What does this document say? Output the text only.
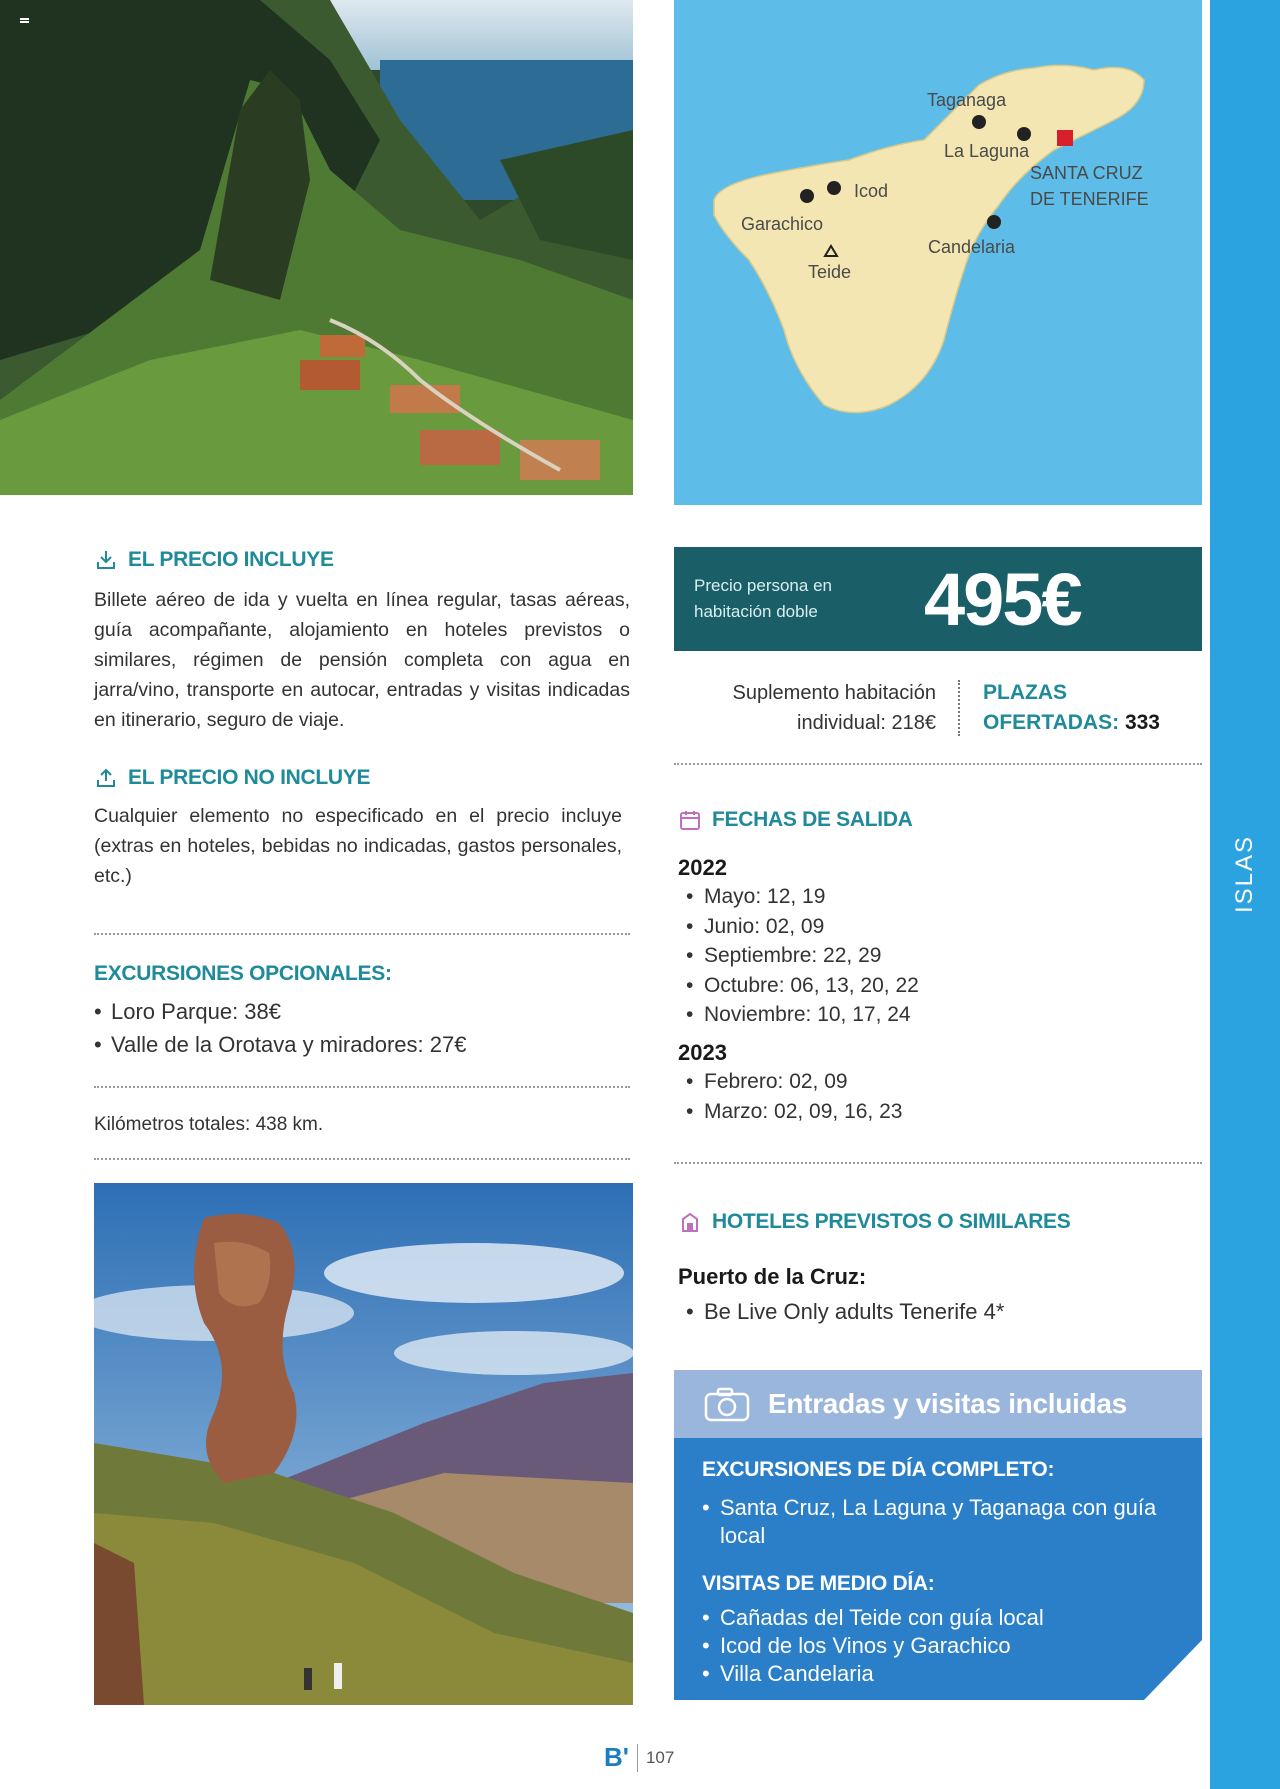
Taganaga
La Laguna
SANTA CRUZ
DE TENERIFE
Icod
Garachico
Candelaria
Teide
ISLAS
EL PRECIO INCLUYE

Billete aéreo de ida y vuelta en línea regular, tasas aéreas, guía acompañante, alojamiento en hoteles previstos o similares, régimen de pensión completa con agua en jarra/vino, transporte en autocar, entradas y visitas indicadas en itinerario, seguro de viaje.

EL PRECIO NO INCLUYE

Cualquier elemento no especificado en el precio incluye (extras en hoteles, bebidas no indicadas, gastos personales, etc.)

EXCURSIONES OPCIONALES:
• Loro Parque: 38€
• Valle de la Orotava y miradores: 27€

Kilómetros totales: 438 km.

Precio persona en habitación doble	495€
Suplemento habitación
individual: 218€
PLAZAS
OFERTADAS: 333
FECHAS DE SALIDA
2022
• Mayo: 12, 19
• Junio: 02, 09
• Septiembre: 22, 29
• Octubre: 06, 13, 20, 22
• Noviembre: 10, 17, 24
2023
• Febrero: 02, 09
• Marzo: 02, 09, 16, 23
HOTELES PREVISTOS O SIMILARES
Puerto de la Cruz:
• Be Live Only adults Tenerife 4*
Entradas y visitas incluidas
EXCURSIONES DE DÍA COMPLETO:
• Santa Cruz, La Laguna y Taganaga con guía local
VISITAS DE MEDIO DÍA:
• Cañadas del Teide con guía local
• Icod de los Vinos y Garachico
• Villa Candelaria
B' 107
